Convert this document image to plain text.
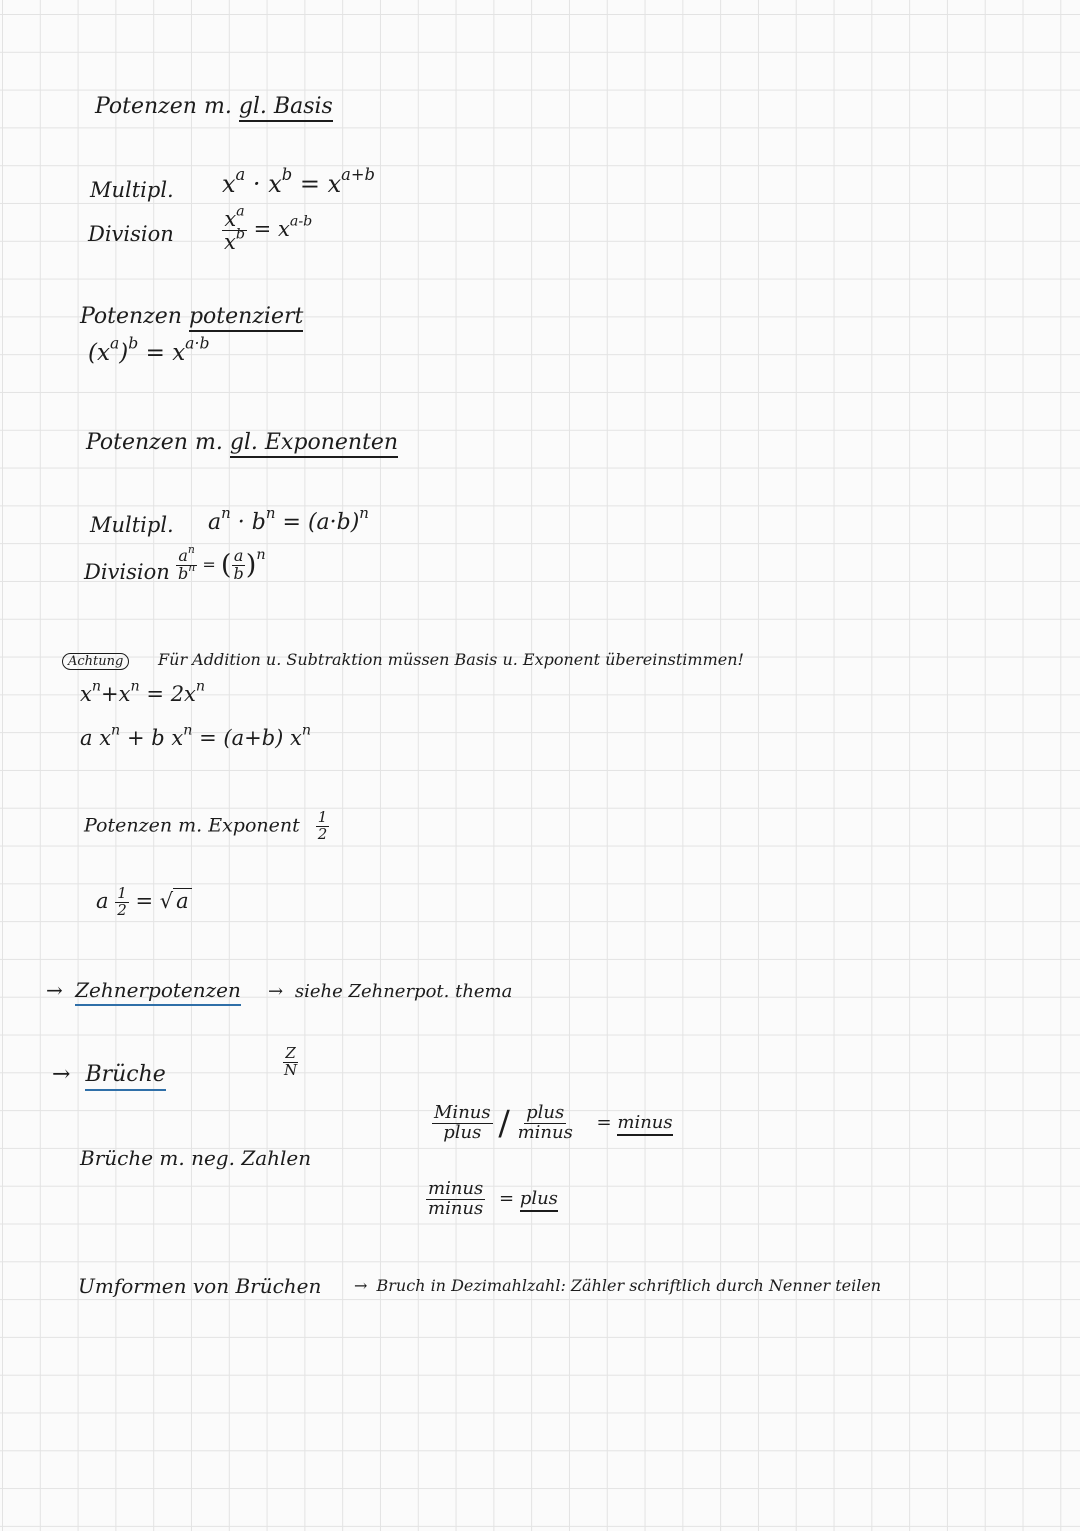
Potenzen m. gl. Basis
Multipl. $x^a \cdot x^b = x^{a+b}$
Division $\frac{x^a}{x^b} = x^{a-b}$
Potenzen potenziert
$(x^a)^b = x^{a\cdot b}$
Potenzen m. gl. Exponenten
Multipl. $a^n \cdot b^n = (a\cdot b)^n$
Division $\frac{a^n}{b^n}$ = ( $\frac{a}{b} )^n$
Achtung Für Addition u. Subtraktion müssen Basis u. Exponent übereinstimmen!
$x^n+x^n = 2x^n$
a $x^n + b$ $x^n = (a+b)$ $x^n$
Potenzen m. Exponent $\frac{1}{2}$
a $\frac{1}{2}$ = √ a
→ Zehnerpotenzen → siehe Zehnerpot. thema
→ Brüche	$\frac{Z}{N}$
Brüche m. neg. Zahlen
$\frac{\text{Minus}}{\text{plus}} / \frac{\text{plus}}{\text{minus}}$ = minus
$\frac{\text{minus}}{\text{minus}}$ = plus
Umformen von Brüchen → Bruch in Dezimahlzahl: Zähler schriftlich durch Nenner teilen
